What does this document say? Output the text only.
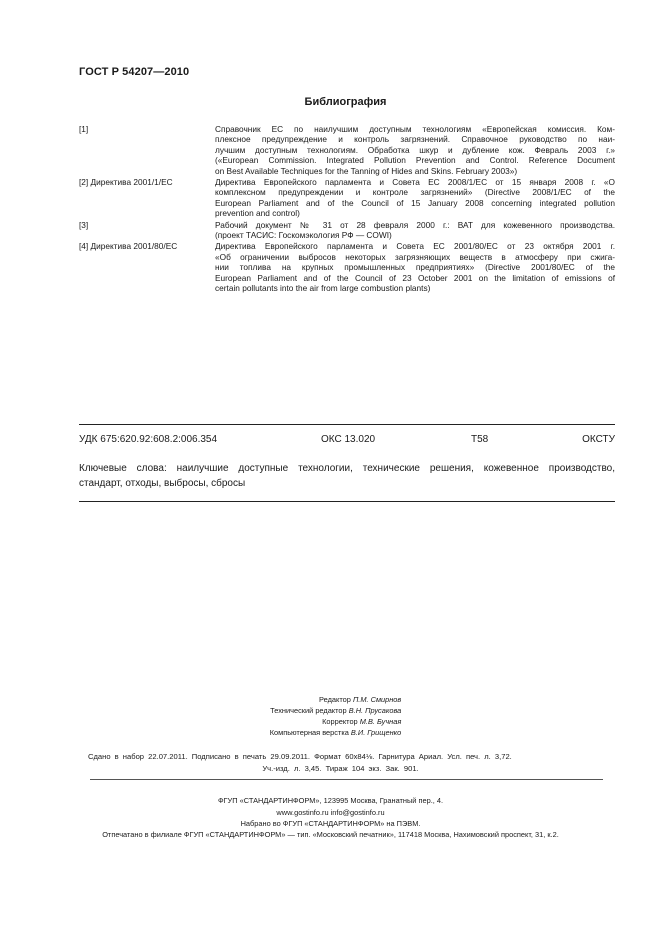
ГОСТ Р 54207—2010
Библиография
[1]	Справочник ЕС по наилучшим доступным технологиям «Европейская комиссия. Ком-
плексное предупреждение и контроль загрязнений. Справочное руководство по наи-
лучшим доступным технологиям. Обработка шкур и дубление кож. Февраль 2003 г.»
(«European Commission. Integrated Pollution Prevention and Control. Reference Document
on Best Available Techniques for the Tanning of Hides and Skins. February 2003»)
[2] Директива 2001/1/ЕС	Директива Европейского парламента и Совета ЕС 2008/1/ЕС от 15 января 2008 г. «О
комплексном предупреждении и контроле загрязнений» (Directive 2008/1/EC of the
European Parliament and of the Council of 15 January 2008 concerning integrated pollution
prevention and control)
[3]	Рабочий документ № 31 от 28 февраля 2000 г.: ВАТ для кожевенного производства.
(проект ТАСИС: Госкомэкология РФ — COWI)
[4] Директива 2001/80/ЕС	Директива Европейского парламента и Совета ЕС 2001/80/ЕС от 23 октября 2001 г.
«Об ограничении выбросов некоторых загрязняющих веществ в атмосферу при сжига-
нии топлива на крупных промышленных предприятиях» (Directive 2001/80/EC of the
European Parliament and of the Council of 23 October 2001 on the limitation of emissions of
certain pollutants into the air from large combustion plants)
УДК 675:620.92:608.2:006.354	ОКС 13.020	Т58	ОКСТУ
Ключевые слова: наилучшие доступные технологии, технические решения, кожевенное производство,
стандарт, отходы, выбросы, сбросы
Редактор П.М. Смирнов
Технический редактор В.Н. Прусакова
Корректор М.В. Бучная
Компьютерная верстка В.И. Грищенко
Сдано в набор 22.07.2011. Подписано в печать 29.09.2011. Формат 60х84⅛. Гарнитура Ариал. Усл. печ. л. 3,72.
Уч.-изд. л. 3,45. Тираж 104 экз. Зак. 901.
ФГУП «СТАНДАРТИНФОРМ», 123995 Москва, Гранатный пер., 4.
www.gostinfo.ru info@gostinfo.ru
Набрано во ФГУП «СТАНДАРТИНФОРМ» на ПЭВМ.
Отпечатано в филиале ФГУП «СТАНДАРТИНФОРМ» — тип. «Московский печатник», 117418 Москва, Нахимовский проспект, 31, к.2.
